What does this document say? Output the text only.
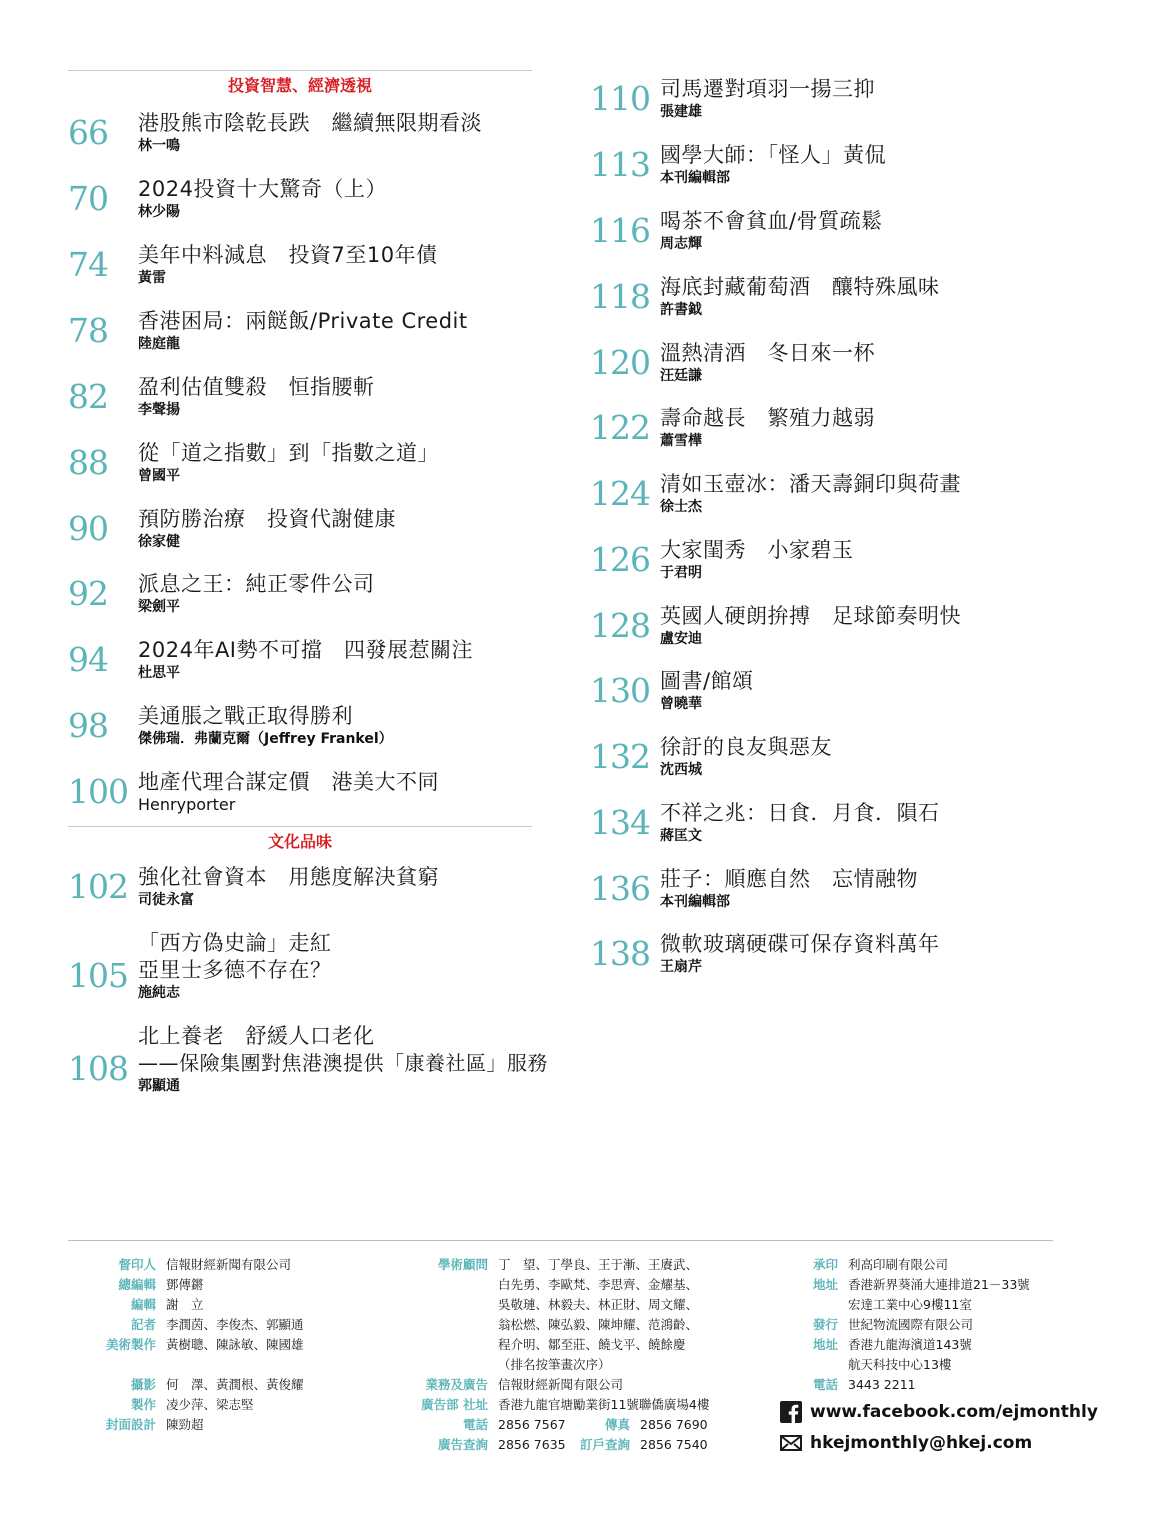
投資智慧、經濟透視
66	港股熊市陰乾長跌　繼續無限期看淡
林一鳴
70	2024投資十大驚奇（上）
林少陽
74	美年中料減息　投資7至10年債
黃雷
78	香港困局：兩餸飯/Private Credit
陸庭龍
82	盈利估值雙殺　恒指腰斬
李聲揚
88	從「道之指數」到「指數之道」
曾國平
90	預防勝治療　投資代謝健康
徐家健
92	派息之王：純正零件公司
梁劍平
94	2024年AI勢不可擋　四發展惹關注
杜思平
98	美通脹之戰正取得勝利
傑佛瑞．弗蘭克爾（Jeffrey Frankel）
100 地產代理合謀定價　港美大不同
Henryporter
文化品味
102 強化社會資本　用態度解決貧窮
司徒永富
105
「西方偽史論」走紅
亞里士多德不存在？
施純志
108
北上養老　舒緩人口老化
——保險集團對焦港澳提供「康養社區」服務
郭顯通
110 司馬遷對項羽一揚三抑
張建雄
113 國學大師：「怪人」黃侃
本刊編輯部
116 喝茶不會貧血/骨質疏鬆
周志輝
118 海底封藏葡萄酒　釀特殊風味
許書鉞
120 溫熱清酒　冬日來一杯
汪廷謙
122 壽命越長　繁殖力越弱
蕭雪樺
124 清如玉壺冰：潘天壽銅印與荷畫
徐士杰
126 大家閨秀　小家碧玉
于君明
128 英國人硬朗拚搏　足球節奏明快
盧安迪
130 圖書/館頌
曾曉華
132 徐訏的良友與惡友
沈西城
134 不祥之兆：日食．月食．隕石
蔣匡文
136 莊子：順應自然　忘情融物
本刊編輯部
138 微軟玻璃硬碟可保存資料萬年
王扇芹
督印人 信報財經新聞有限公司
總編輯 鄧傳鏘
編輯 謝　立
記者 李潤茵、李俊杰、郭顯通
美術製作 黃樹聰、陳詠敏、陳國雄
攝影 何　澤、黃潤根、黃俊耀
製作 凌少萍、梁志堅
封面設計 陳勁超
學術顧問 丁　望、丁學良、王于漸、王賡武、
白先勇、李歐梵、李思齊、金耀基、
吳敬璉、林毅夫、林正財、周文耀、
翁松燃、陳弘毅、陳坤耀、范鴻齡、
程介明、鄒至莊、饒戈平、饒餘慶
（排名按筆畫次序）
業務及廣告 信報財經新聞有限公司
廣告部 社址 香港九龍官塘勵業街11號聯僑廣場4樓
電話 2856 7567	傳真 2856 7690
廣告查詢 2856 7635	訂戶查詢 2856 7540
承印 利高印刷有限公司
地址 香港新界葵涌大連排道21－33號
宏達工業中心9樓11室
發行 世紀物流國際有限公司
地址 香港九龍海濱道143號
航天科技中心13樓
電話 3443 2211
www.facebook.com/ejmonthly
hkejmonthly@hkej.com
